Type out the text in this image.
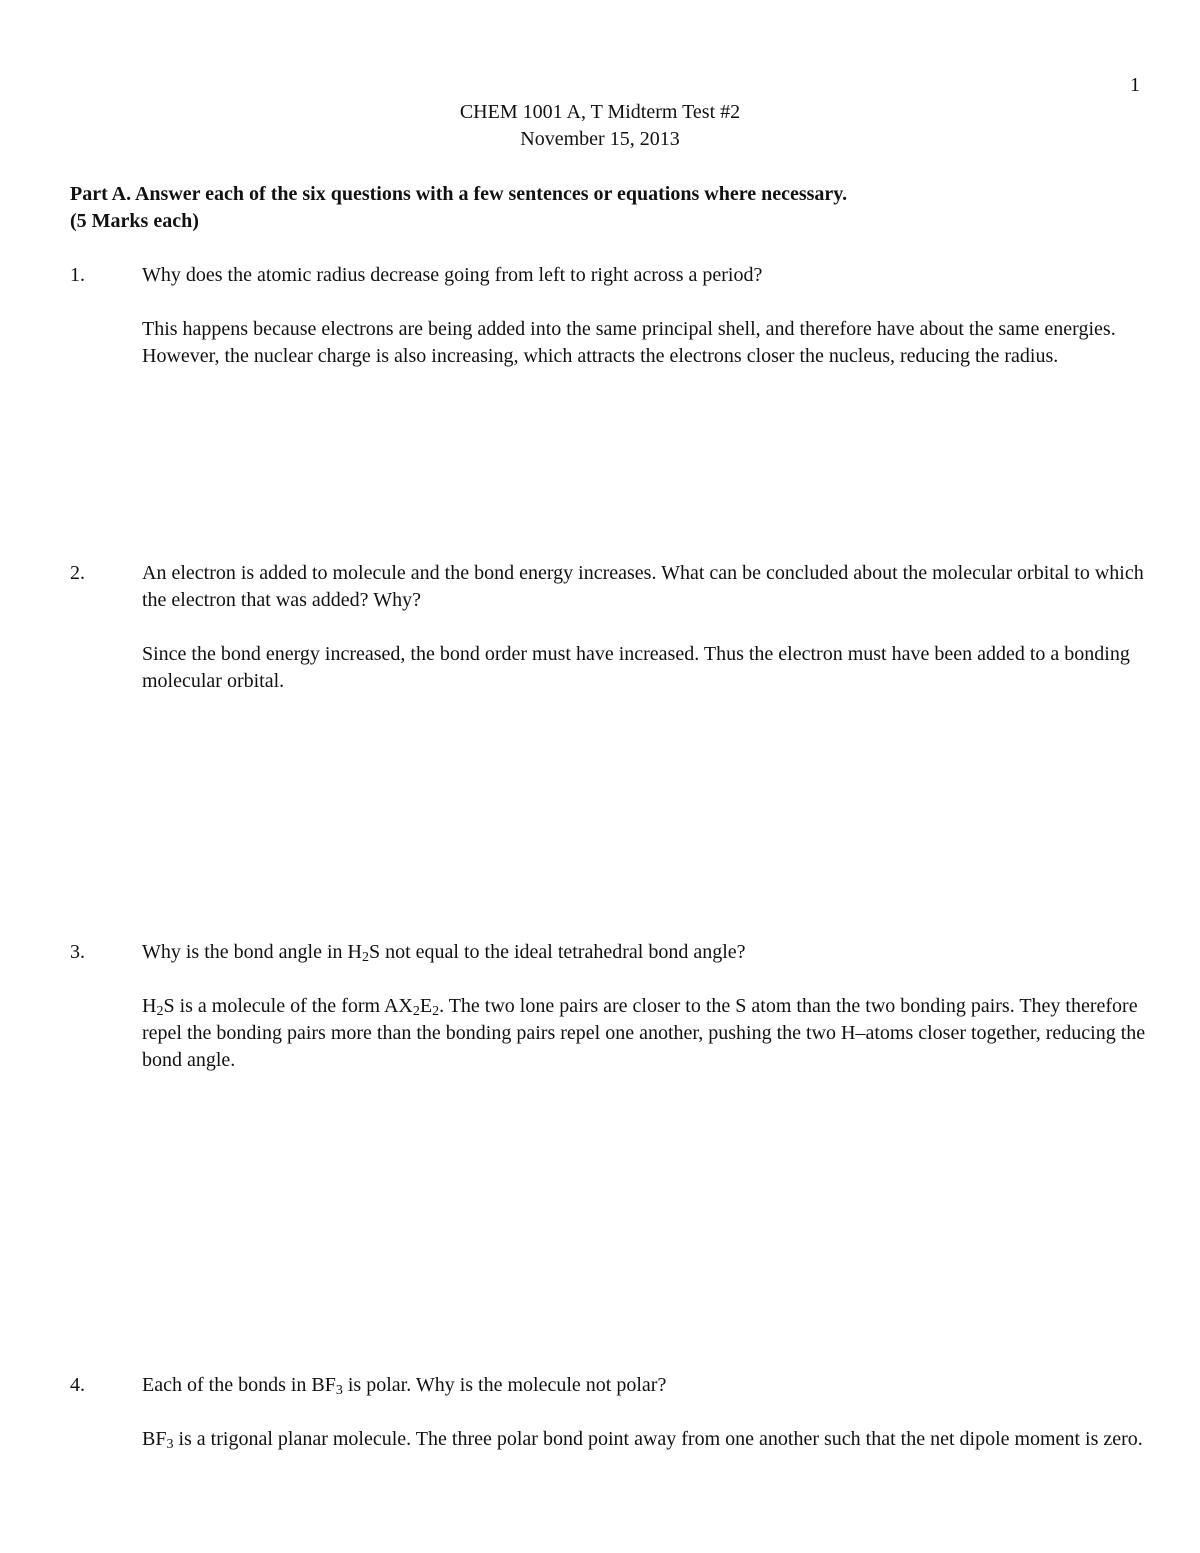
1
CHEM 1001 A, T Midterm Test #2
November 15, 2013
Part A. Answer each of the six questions with a few sentences or equations where necessary.
(5 Marks each)
1.	Why does the atomic radius decrease going from left to right across a period?
This happens because electrons are being added into the same principal shell, and therefore have about the same energies. However, the nuclear charge is also increasing, which attracts the electrons closer the nucleus, reducing the radius.
2.	An electron is added to molecule and the bond energy increases. What can be concluded about the molecular orbital to which the electron that was added? Why?
Since the bond energy increased, the bond order must have increased. Thus the electron must have been added to a bonding molecular orbital.
3.	Why is the bond angle in $H_2S$ not equal to the ideal tetrahedral bond angle?
$H_2S$ is a molecule of the form $AX_2E_2$. The two lone pairs are closer to the S atom than the two bonding pairs. They therefore repel the bonding pairs more than the bonding pairs repel one another, pushing the two H–atoms closer together, reducing the bond angle.
4.	Each of the bonds in $BF_3$ is polar. Why is the molecule not polar?
$BF_3$ is a trigonal planar molecule. The three polar bond point away from one another such that the net dipole moment is zero.
